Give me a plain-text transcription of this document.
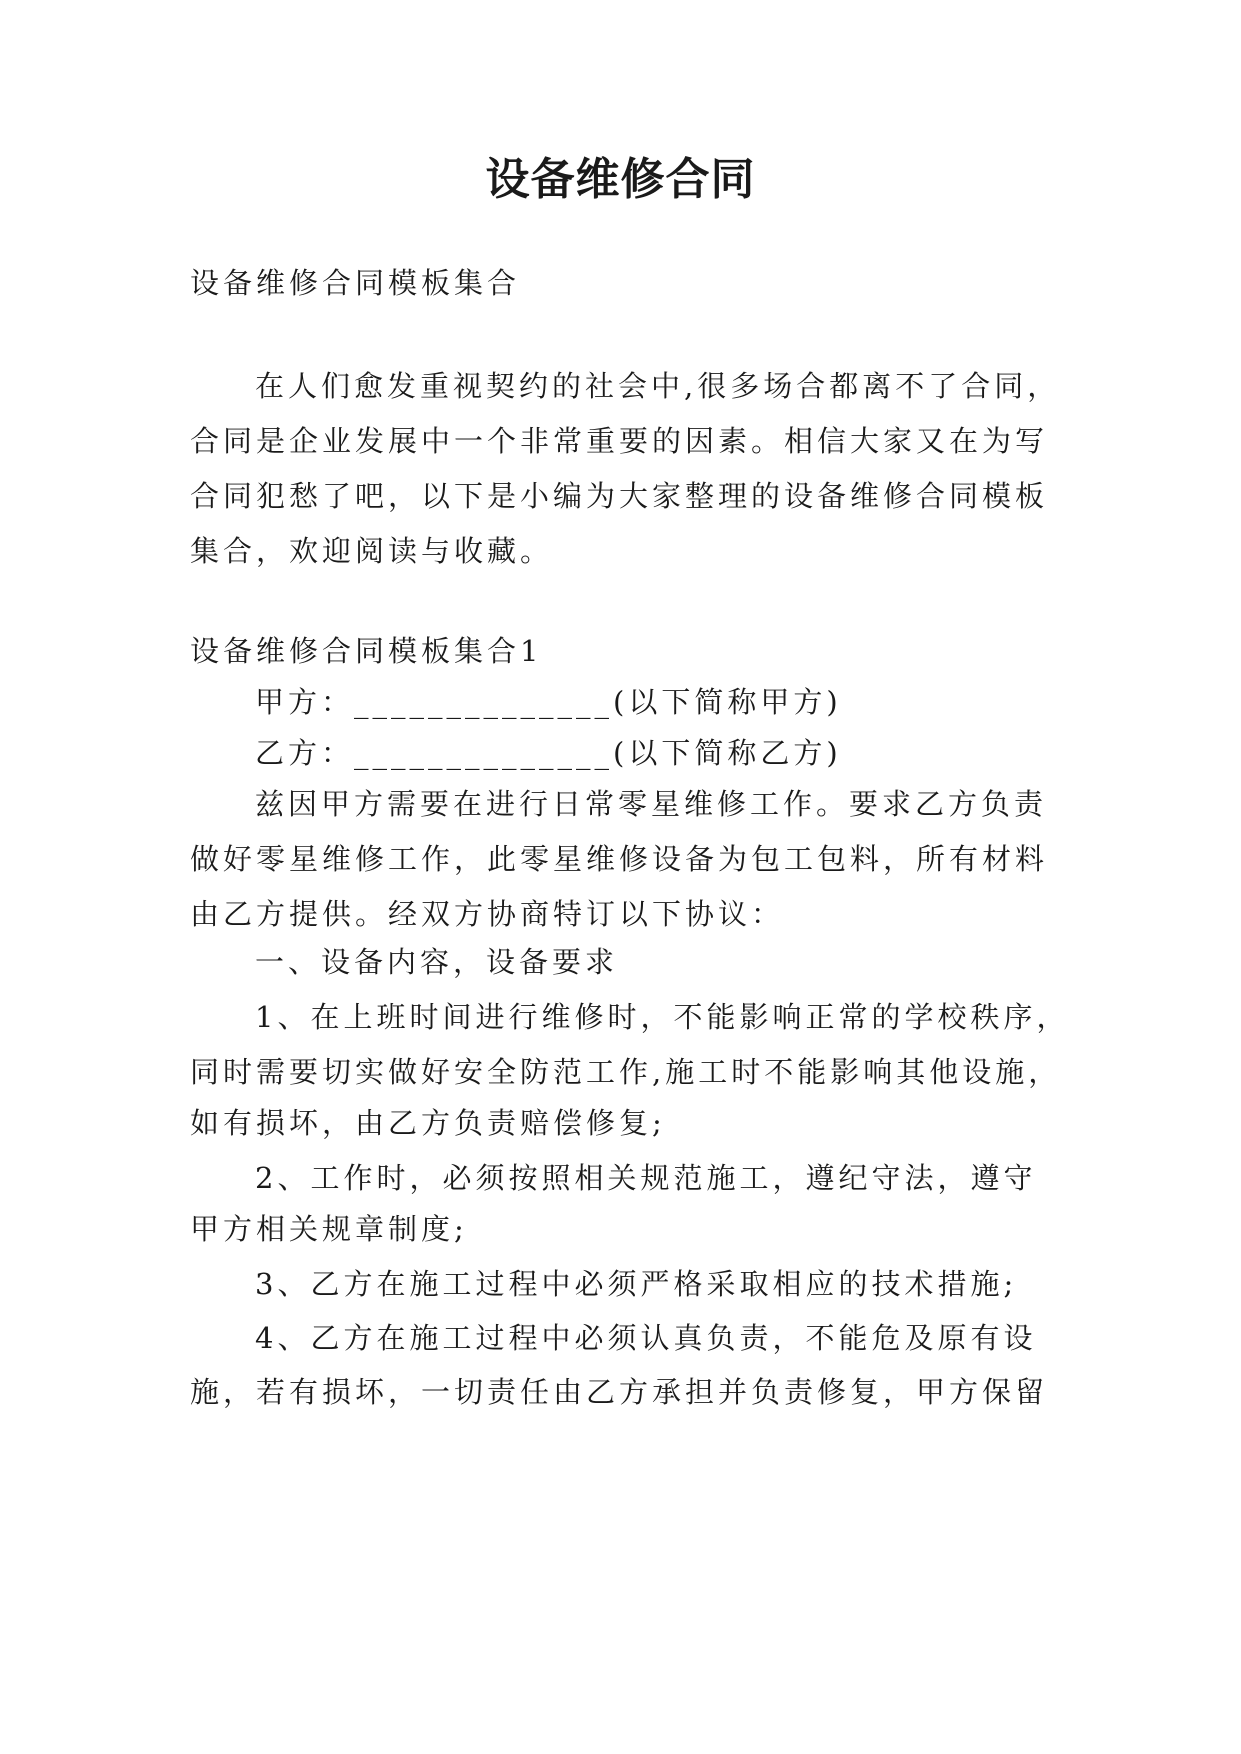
设备维修合同
设备维修合同模板集合
在人们愈发重视契约的社会中,很多场合都离不了合同，
合同是企业发展中一个非常重要的因素。相信大家又在为写
合同犯愁了吧，以下是小编为大家整理的设备维修合同模板
集合，欢迎阅读与收藏。
设备维修合同模板集合1
甲方：______________(以下简称甲方)
乙方：______________(以下简称乙方)
兹因甲方需要在进行日常零星维修工作。要求乙方负责
做好零星维修工作，此零星维修设备为包工包料，所有材料
由乙方提供。经双方协商特订以下协议：
一、设备内容，设备要求
1、在上班时间进行维修时，不能影响正常的学校秩序，
同时需要切实做好安全防范工作,施工时不能影响其他设施，
如有损坏，由乙方负责赔偿修复;
2、工作时，必须按照相关规范施工，遵纪守法，遵守
甲方相关规章制度;
3、乙方在施工过程中必须严格采取相应的技术措施;
4、乙方在施工过程中必须认真负责，不能危及原有设
施，若有损坏，一切责任由乙方承担并负责修复，甲方保留
